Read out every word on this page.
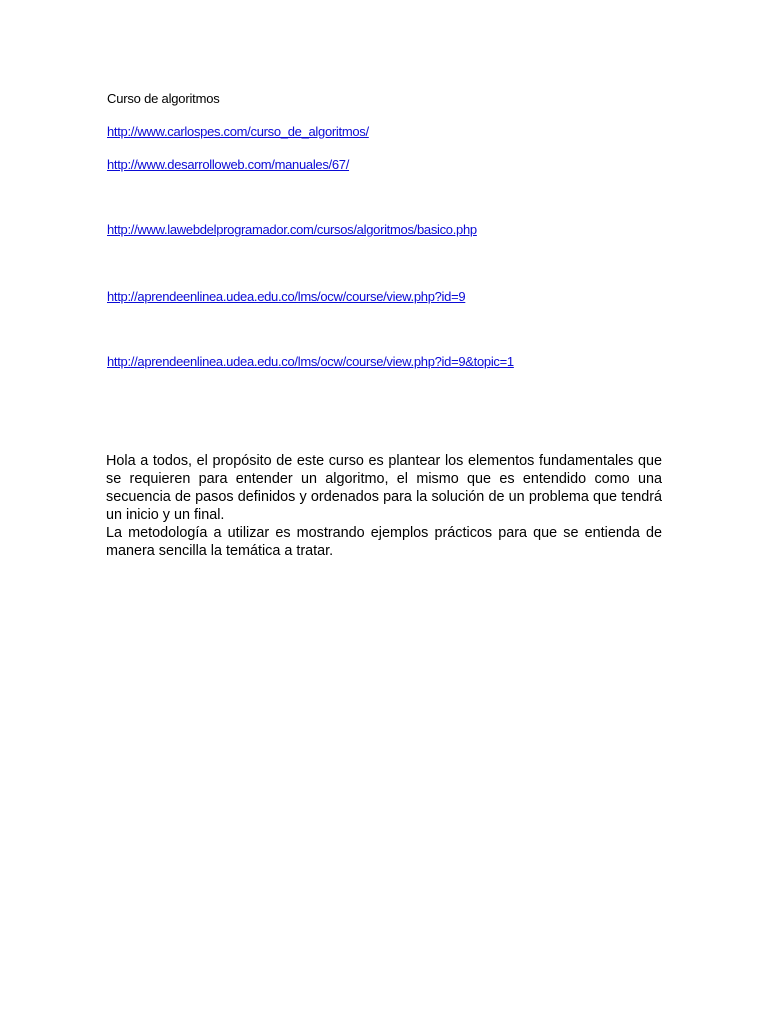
Curso de algoritmos
http://www.carlospes.com/curso_de_algoritmos/
http://www.desarrolloweb.com/manuales/67/
http://www.lawebdelprogramador.com/cursos/algoritmos/basico.php
http://aprendeenlinea.udea.edu.co/lms/ocw/course/view.php?id=9
http://aprendeenlinea.udea.edu.co/lms/ocw/course/view.php?id=9&topic=1

Hola a todos, el propósito de este curso es plantear los elementos fundamentales que se requieren para entender un algoritmo, el mismo que es entendido como una secuencia de pasos definidos y ordenados para la solución de un problema que tendrá un inicio y un final.

La metodología a utilizar es mostrando ejemplos prácticos para que se entienda de manera sencilla la temática a tratar.
